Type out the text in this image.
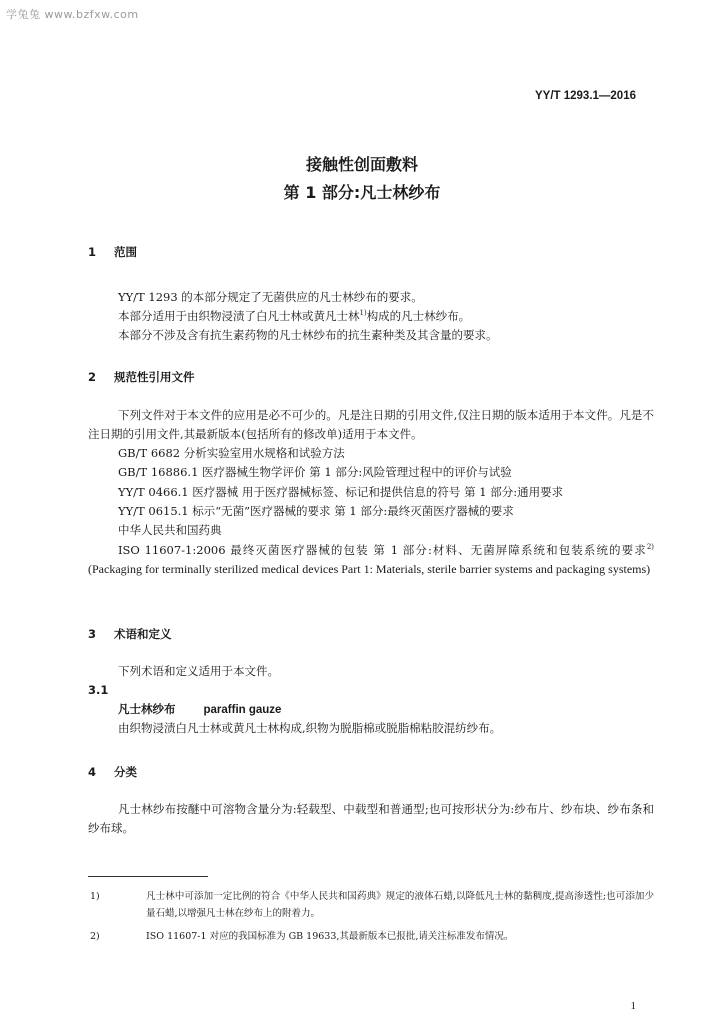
学兔兔 www.bzfxw.com
YY/T 1293.1—2016
接触性创面敷料
第 1 部分:凡士林纱布
1 范围
YY/T 1293 的本部分规定了无菌供应的凡士林纱布的要求。
本部分适用于由织物浸渍了白凡士林或黄凡士林$^{1)}$构成的凡士林纱布。
本部分不涉及含有抗生素药物的凡士林纱布的抗生素种类及其含量的要求。
2 规范性引用文件
下列文件对于本文件的应用是必不可少的。凡是注日期的引用文件,仅注日期的版本适用于本文件。凡是不注日期的引用文件,其最新版本(包括所有的修改单)适用于本文件。
GB/T 6682 分析实验室用水规格和试验方法
GB/T 16886.1 医疗器械生物学评价 第 1 部分:风险管理过程中的评价与试验
YY/T 0466.1 医疗器械 用于医疗器械标签、标记和提供信息的符号 第 1 部分:通用要求
YY/T 0615.1 标示“无菌”医疗器械的要求 第 1 部分:最终灭菌医疗器械的要求
中华人民共和国药典
ISO 11607-1:2006 最终灭菌医疗器械的包装 第 1 部分:材料、无菌屏障系统和包装系统的要求$^{2)}$(Packaging for terminally sterilized medical devices Part 1: Materials, sterile barrier systems and packaging systems)
3 术语和定义
下列术语和定义适用于本文件。
3.1
凡士林纱布 paraffin gauze
由织物浸渍白凡士林或黄凡士林构成,织物为脱脂棉或脱脂棉粘胶混纺纱布。
4 分类
凡士林纱布按醚中可溶物含量分为:轻载型、中载型和普通型;也可按形状分为:纱布片、纱布块、纱布条和纱布球。
1)	凡士林中可添加一定比例的符合《中华人民共和国药典》规定的液体石蜡,以降低凡士林的黏稠度,提高渗透性;也可添加少量石蜡,以增强凡士林在纱布上的附着力。
2)	ISO 11607-1 对应的我国标准为 GB 19633,其最新版本已报批,请关注标准发布情况。
1
